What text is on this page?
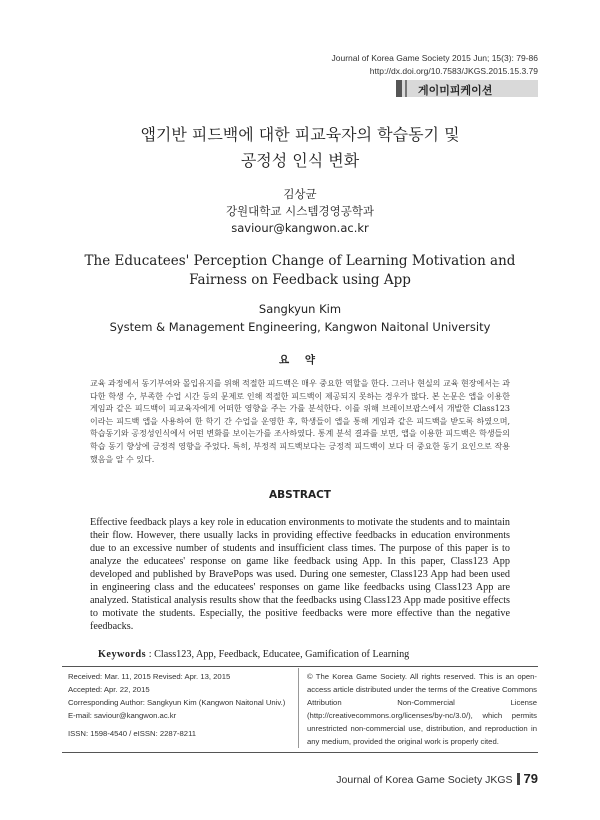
Journal of Korea Game Society 2015 Jun; 15(3): 79-86
http://dx.doi.org/10.7583/JKGS.2015.15.3.79
게이미피케이션
앱기반 피드백에 대한 피교육자의 학습동기 및
공정성 인식 변화
김상균
강원대학교 시스템경영공학과
saviour@kangwon.ac.kr
The Educatees' Perception Change of Learning Motivation and Fairness on Feedback using App
Sangkyun Kim
System & Management Engineering, Kangwon Naitonal University
요 약
교육 과정에서 동기부여와 몰입유지를 위해 적절한 피드백은 매우 중요한 역할을 한다. 그러나 현실의 교육 현장에서는 과다한 학생 수, 부족한 수업 시간 등의 문제로 인해 적절한 피드백이 제공되지 못하는 경우가 많다. 본 논문은 앱을 이용한 게임과 같은 피드백이 피교육자에게 어떠한 영향을 주는 가를 분석한다. 이를 위해 브레이브팝스에서 개발한 Class123이라는 피드백 앱을 사용하여 한 학기 간 수업을 운영한 후, 학생들이 앱을 통해 게임과 같은 피드백을 받도록 하였으며, 학습동기와 공정성인식에서 어떤 변화를 보이는가를 조사하였다. 통계 분석 결과를 보면, 앱을 이용한 피드백은 학생들의 학습 동기 향상에 긍정적 영향을 주었다. 특히, 부정적 피드백보다는 긍정적 피드백이 보다 더 중요한 동기 요인으로 작용했음을 알 수 있다.
ABSTRACT
Effective feedback plays a key role in education environments to motivate the students and to maintain their flow. However, there usually lacks in providing effective feedbacks in education environments due to an excessive number of students and insufficient class times. The purpose of this paper is to analyze the educatees' response on game like feedback using App. In this paper, Class123 App developed and published by BravePops was used. During one semester, Class123 App had been used in engineering class and the educatees' responses on game like feedbacks using Class123 App are analyzed. Statistical analysis results show that the feedbacks using Class123 App made positive effects to motivate the students. Especially, the positive feedbacks were more effective than the negative feedbacks.
Keywords : Class123, App, Feedback, Educatee, Gamification of Learning
Received: Mar. 11, 2015 Revised: Apr. 13, 2015
Accepted: Apr. 22, 2015
Corresponding Author: Sangkyun Kim (Kangwon Naitonal Univ.)
E-mail: saviour@kangwon.ac.kr
ISSN: 1598-4540 / eISSN: 2287-8211
© The Korea Game Society. All rights reserved. This is an open-access article distributed under the terms of the Creative Commons Attribution Non-Commercial License (http://creativecommons.org/licenses/by-nc/3.0/), which permits unrestricted non-commercial use, distribution, and reproduction in any medium, provided the original work is properly cited.
Journal of Korea Game Society JKGS 79
